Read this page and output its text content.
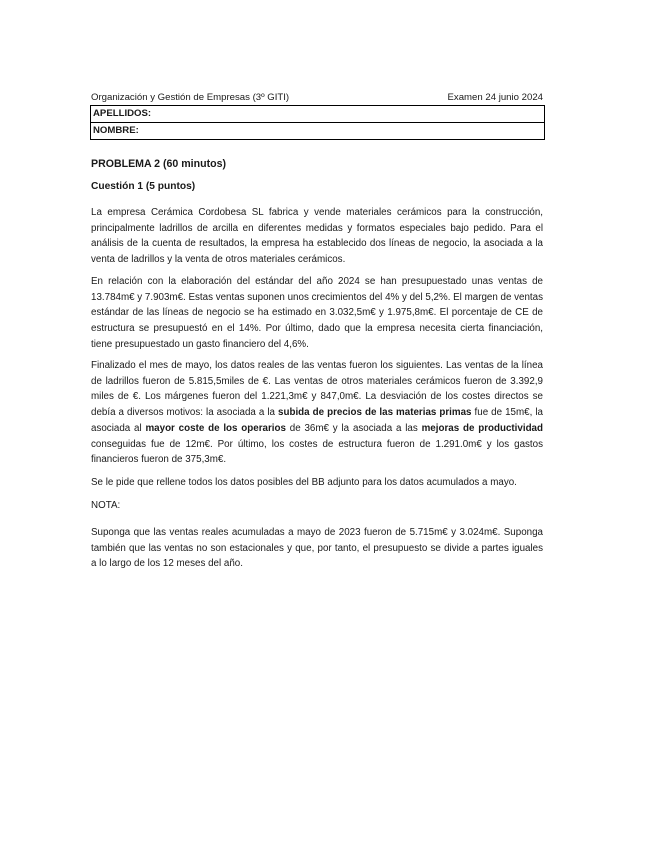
Organización y Gestión de Empresas (3º GITI)	Examen 24 junio 2024
APELLIDOS:
NOMBRE:
PROBLEMA 2 (60 minutos)
Cuestión 1 (5 puntos)

La empresa Cerámica Cordobesa SL fabrica y vende materiales cerámicos para la construcción, principalmente ladrillos de arcilla en diferentes medidas y formatos especiales bajo pedido. Para el análisis de la cuenta de resultados, la empresa ha establecido dos líneas de negocio, la asociada a la venta de ladrillos y la venta de otros materiales cerámicos.

En relación con la elaboración del estándar del año 2024 se han presupuestado unas ventas de 13.784m€ y 7.903m€. Estas ventas suponen unos crecimientos del 4% y del 5,2%. El margen de ventas estándar de las líneas de negocio se ha estimado en 3.032,5m€ y 1.975,8m€. El porcentaje de CE de estructura se presupuestó en el 14%. Por último, dado que la empresa necesita cierta financiación, tiene presupuestado un gasto financiero del 4,6%.

Finalizado el mes de mayo, los datos reales de las ventas fueron los siguientes. Las ventas de la línea de ladrillos fueron de 5.815,5miles de €. Las ventas de otros materiales cerámicos fueron de 3.392,9 miles de €. Los márgenes fueron del 1.221,3m€ y 847,0m€. La desviación de los costes directos se debía a diversos motivos: la asociada a la subida de precios de las materias primas fue de 15m€, la asociada al mayor coste de los operarios de 36m€ y la asociada a las mejoras de productividad conseguidas fue de 12m€. Por último, los costes de estructura fueron de 1.291.0m€ y los gastos financieros fueron de 375,3m€.

Se le pide que rellene todos los datos posibles del BB adjunto para los datos acumulados a mayo.

NOTA:

Suponga que las ventas reales acumuladas a mayo de 2023 fueron de 5.715m€ y 3.024m€. Suponga también que las ventas no son estacionales y que, por tanto, el presupuesto se divide a partes iguales a lo largo de los 12 meses del año.
